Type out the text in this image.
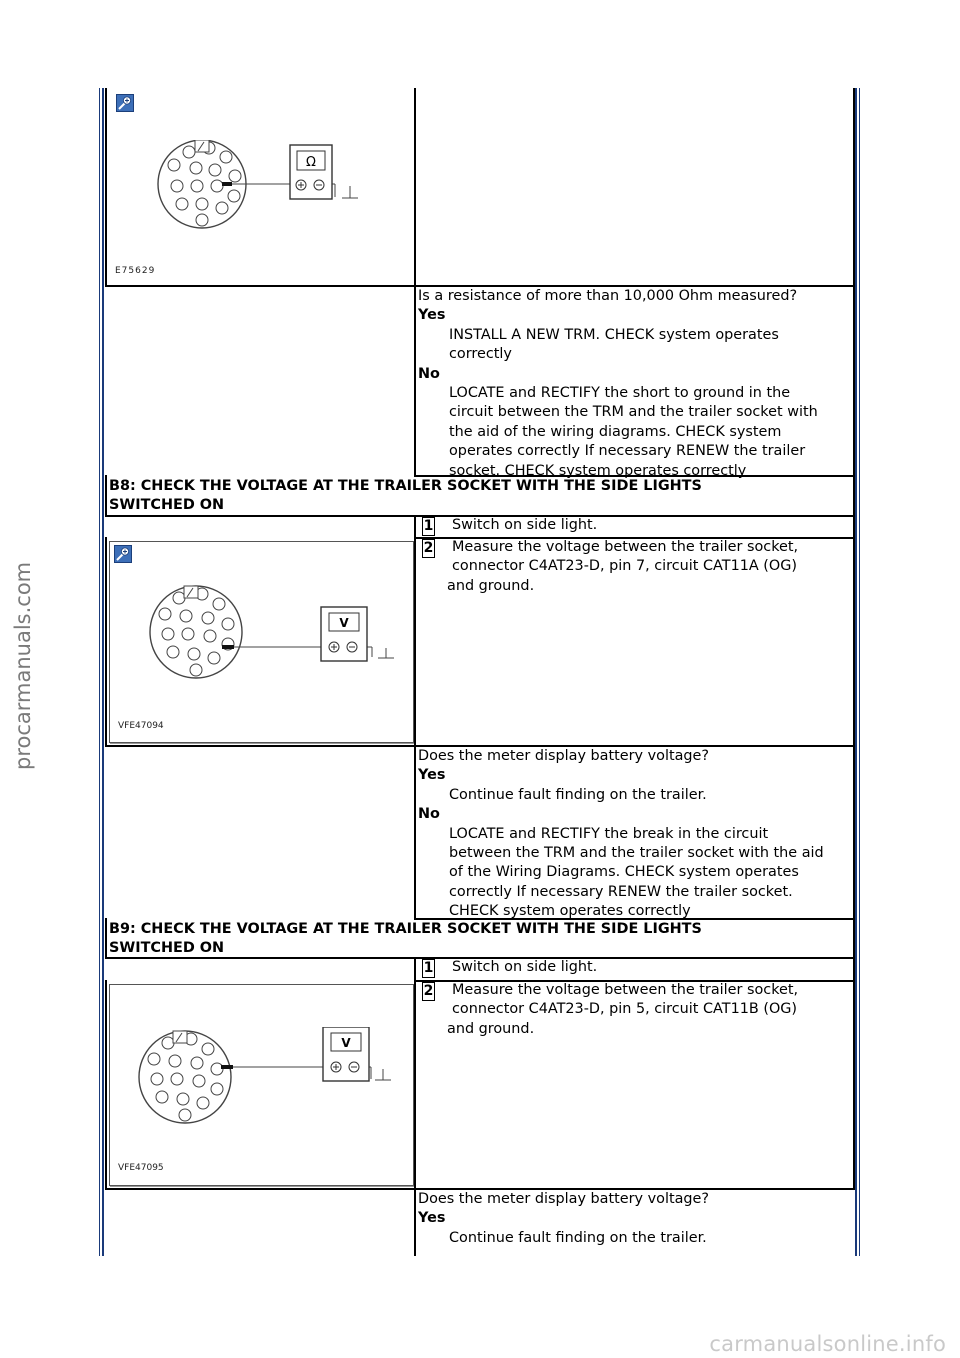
procarmanuals.com
Ω
E75629
Is a resistance of more than 10,000 Ohm measured?
Yes
INSTALL A NEW TRM. CHECK system operates
correctly
No
LOCATE and RECTIFY the short to ground in the
circuit between the TRM and the trailer socket with
the aid of the wiring diagrams. CHECK system
operates correctly If necessary RENEW the trailer
socket. CHECK system operates correctly
B8: CHECK THE VOLTAGE AT THE TRAILER SOCKET WITH THE SIDE LIGHTS
SWITCHED ON
1 Switch on side light.
V
VFE47094
2 Measure the voltage between the trailer socket,
connector C4AT23-D, pin 7, circuit CAT11A (OG)
and ground.
Does the meter display battery voltage?
Yes
Continue fault finding on the trailer.
No
LOCATE and RECTIFY the break in the circuit
between the TRM and the trailer socket with the aid
of the Wiring Diagrams. CHECK system operates
correctly If necessary RENEW the trailer socket.
CHECK system operates correctly
B9: CHECK THE VOLTAGE AT THE TRAILER SOCKET WITH THE SIDE LIGHTS
SWITCHED ON
1 Switch on side light.
V
VFE47095
2 Measure the voltage between the trailer socket,
connector C4AT23-D, pin 5, circuit CAT11B (OG)
and ground.
Does the meter display battery voltage?
Yes
Continue fault finding on the trailer.
carmanualsonline.info
